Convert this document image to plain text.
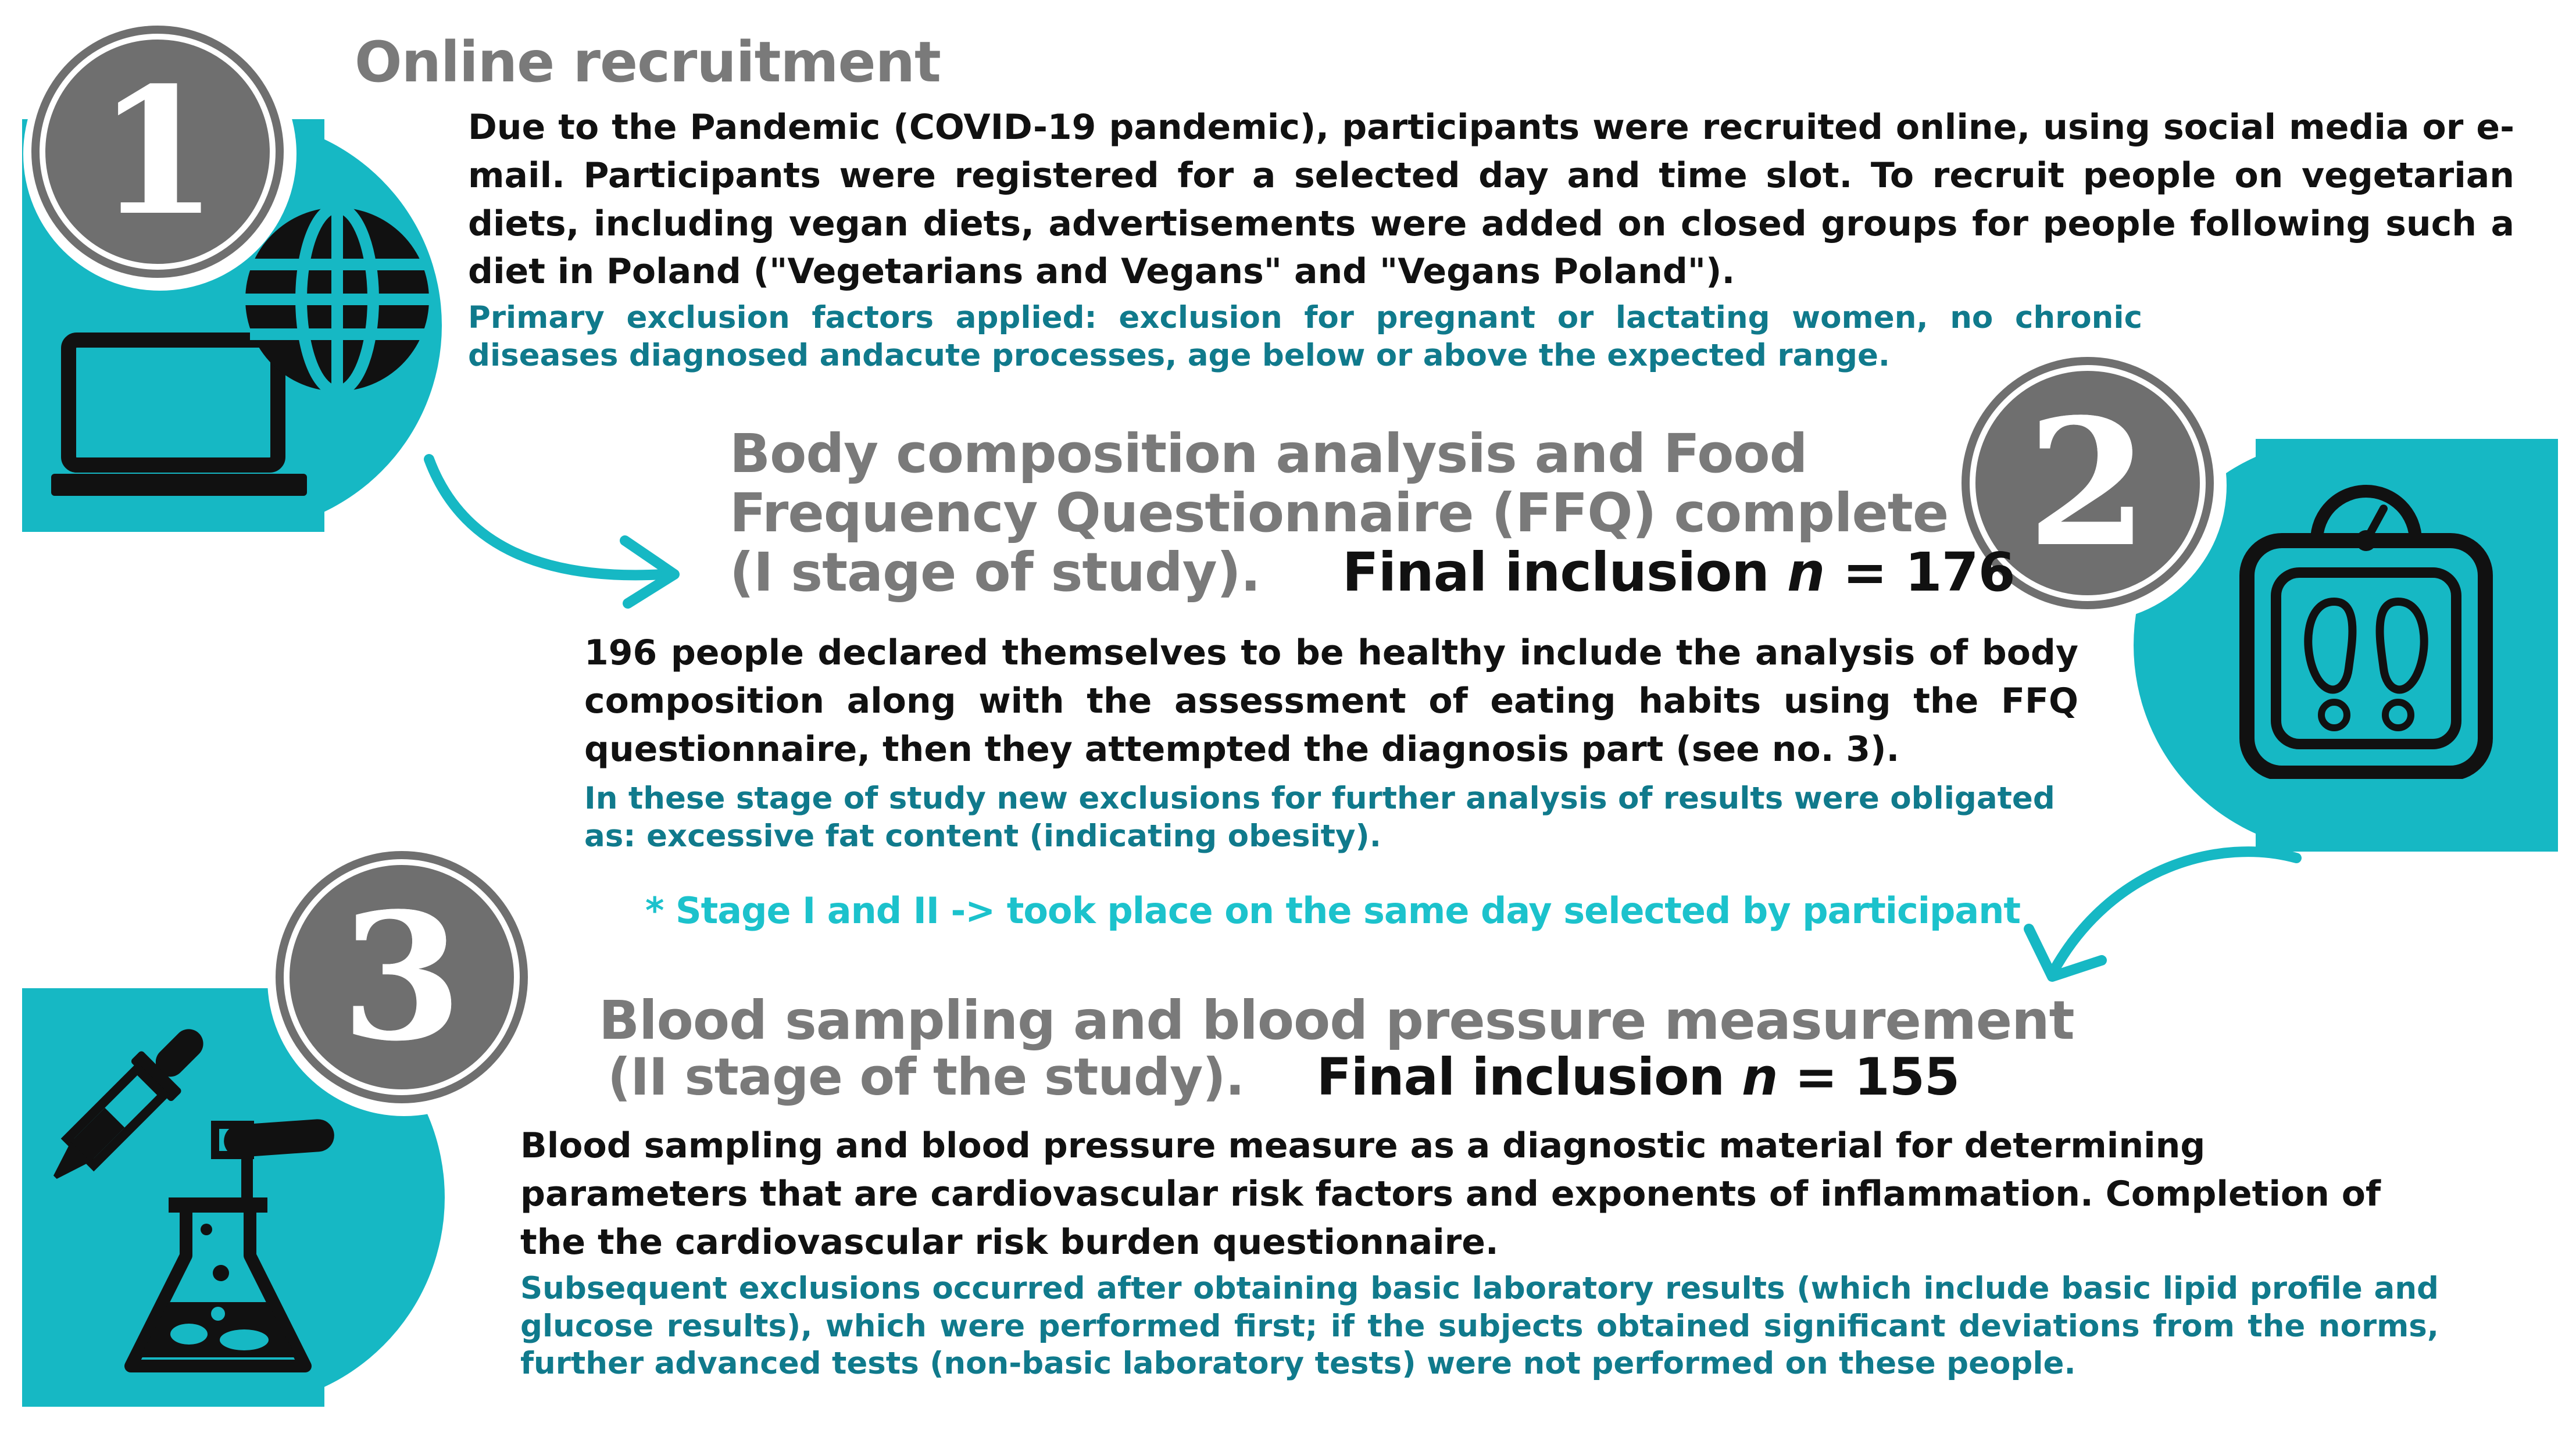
1 Online recruitment

Due to the Pandemic (COVID-19 pandemic), participants were recruited online, using social media or e-mail. Participants were registered for a selected day and time slot. To recruit people on vegetarian diets, including vegan diets, advertisements were added on closed groups for people following such a diet in Poland ("Vegetarians and Vegans" and "Vegans Poland").

Primary exclusion factors applied: exclusion for pregnant or lactating women, no chronic diseases diagnosed andacute processes, age below or above the expected range.

2
Body composition analysis and Food
Frequency Questionnaire (FFQ) complete
(I stage of study). Final inclusion n = 176

196 people declared themselves to be healthy include the analysis of body composition along with the assessment of eating habits using the FFQ questionnaire, then they attempted the diagnosis part (see no. 3).

In these stage of study new exclusions for further analysis of results were obligated as: excessive fat content (indicating obesity).

* Stage I and II -> took place on the same day selected by participant
3	Blood sampling and blood pressure measurement
(II stage of the study). Final inclusion n = 155

Blood sampling and blood pressure measure as a diagnostic material for determining parameters that are cardiovascular risk factors and exponents of inflammation. Completion of the the cardiovascular risk burden questionnaire.

Subsequent exclusions occurred after obtaining basic laboratory results (which include basic lipid profile and glucose results), which were performed first; if the subjects obtained significant deviations from the norms, further advanced tests (non-basic laboratory tests) were not performed on these people.
